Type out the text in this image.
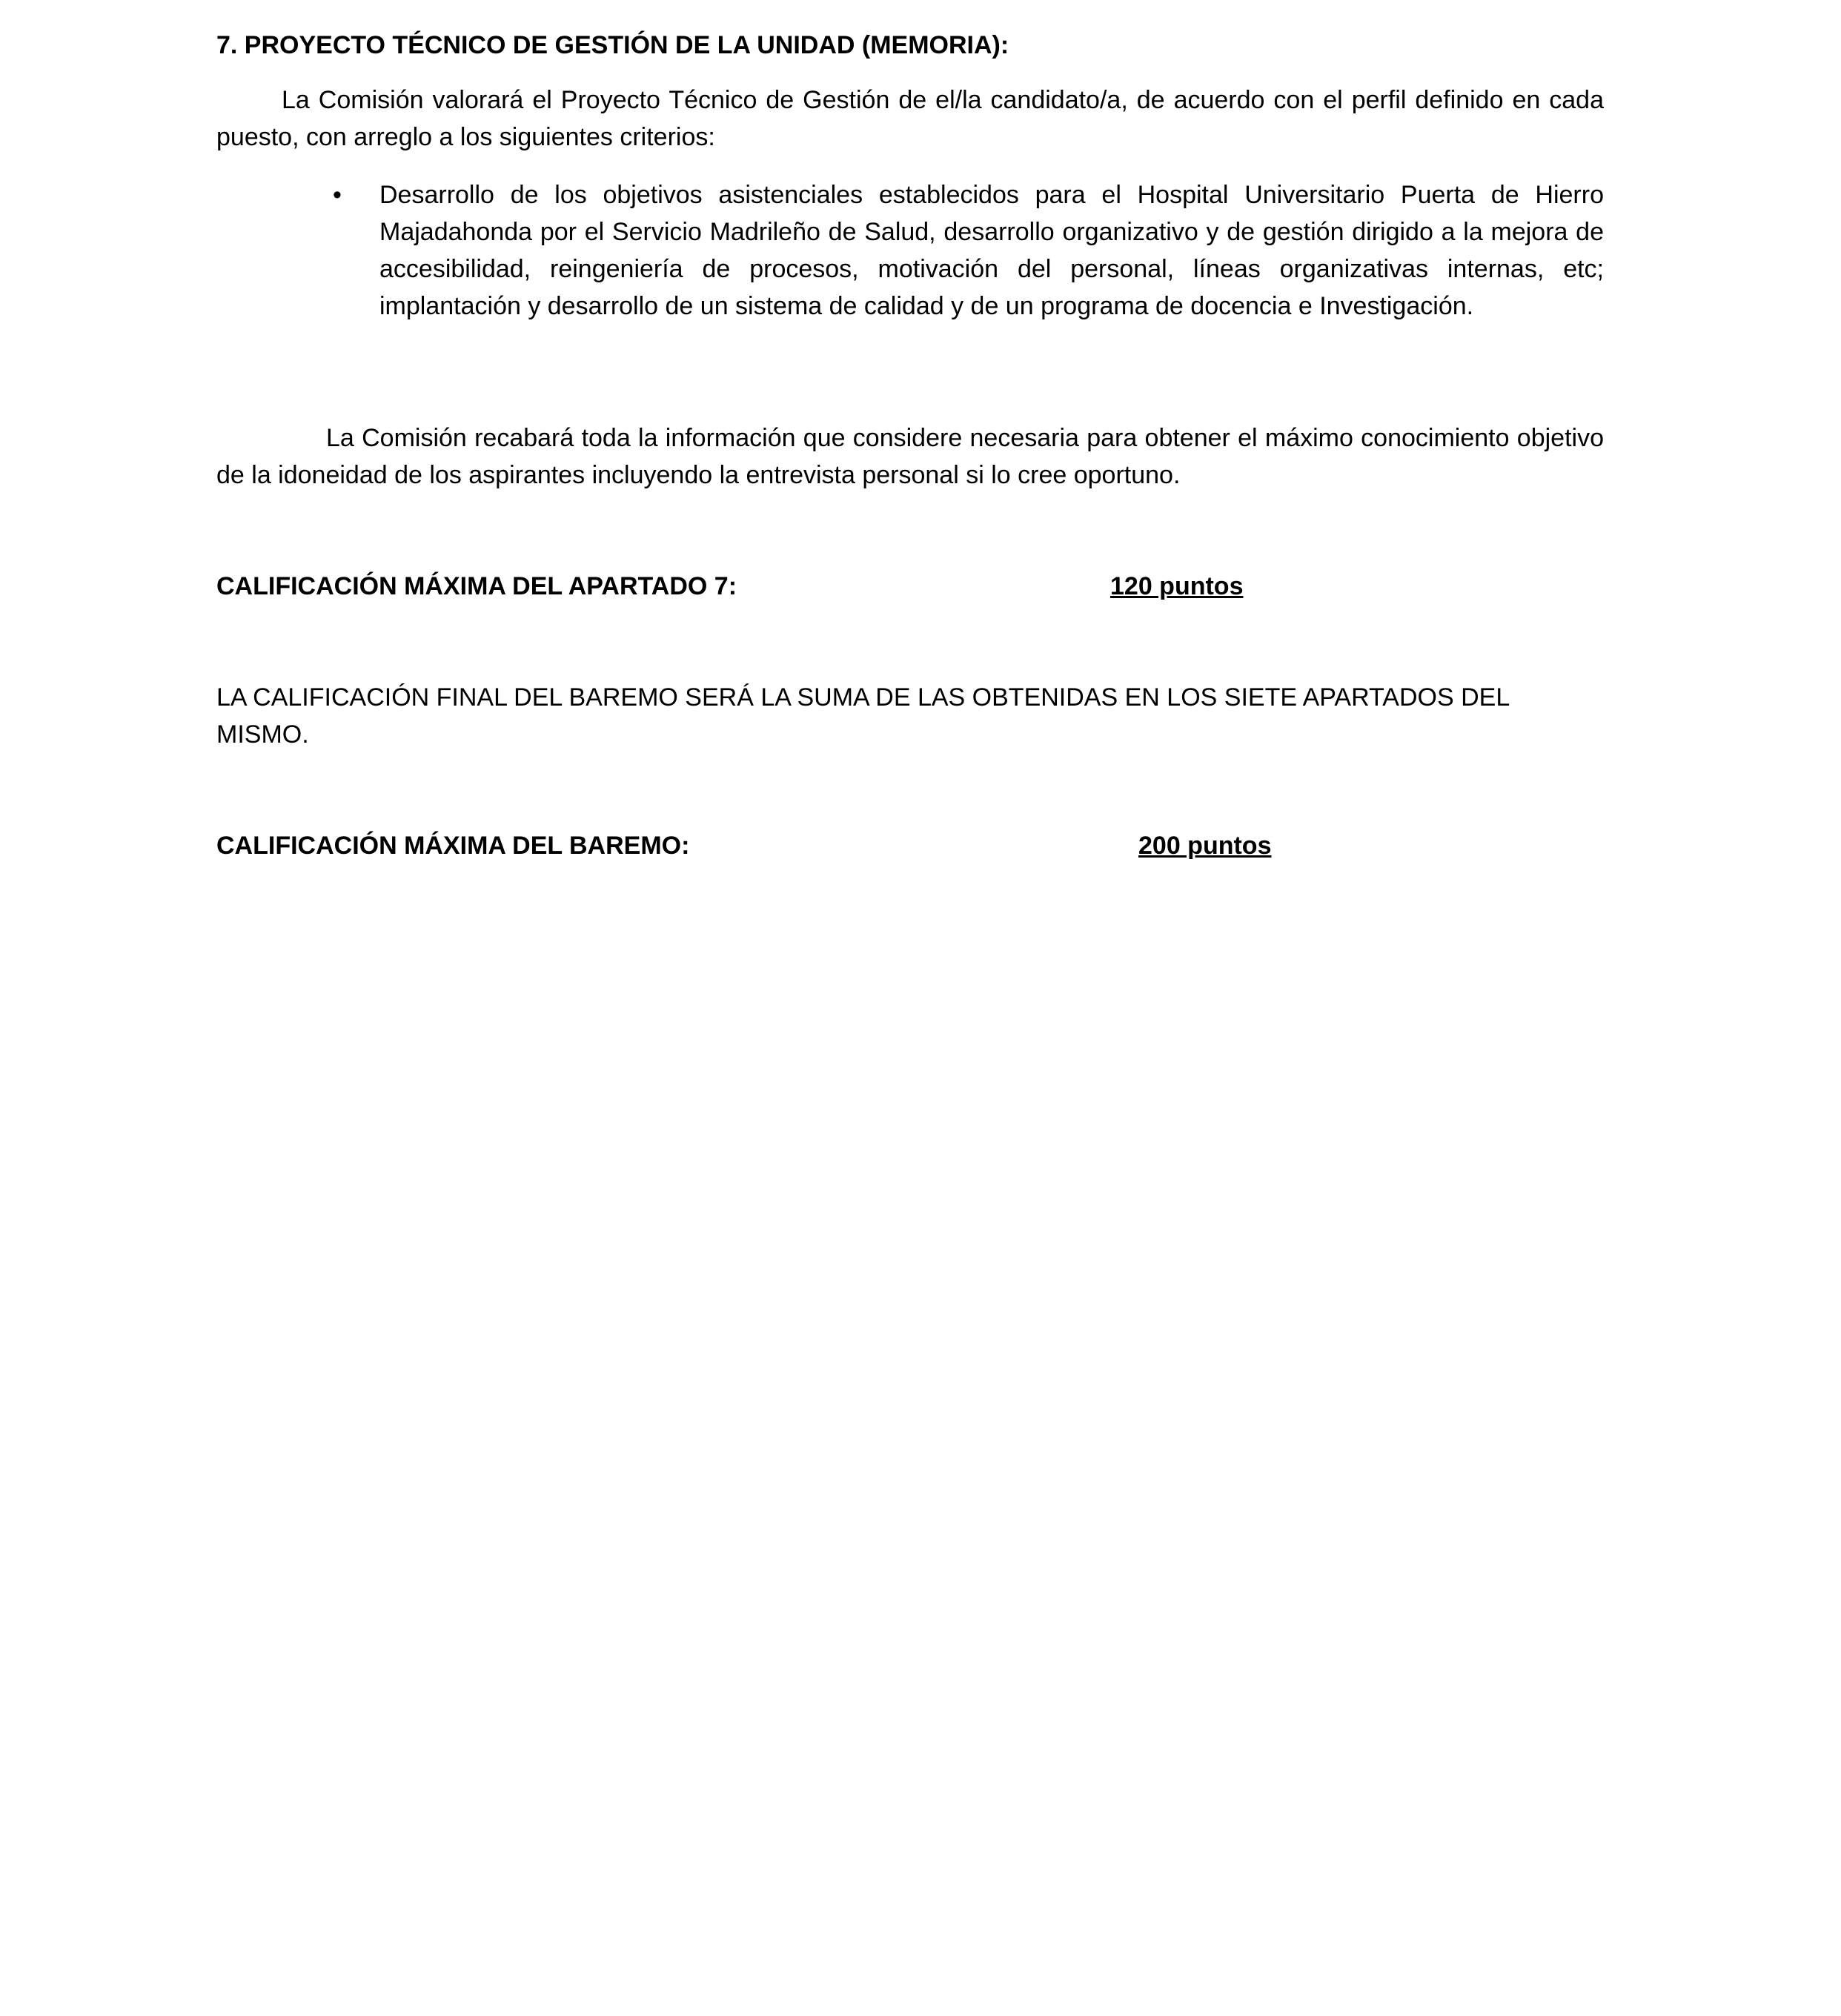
7. PROYECTO TÉCNICO DE GESTIÓN DE LA UNIDAD (MEMORIA):
La Comisión valorará el Proyecto Técnico de Gestión de el/la candidato/a, de acuerdo con el perfil definido en cada puesto, con arreglo a los siguientes criterios:
• Desarrollo de los objetivos asistenciales establecidos para el Hospital Universitario Puerta de Hierro Majadahonda por el Servicio Madrileño de Salud, desarrollo organizativo y de gestión dirigido a la mejora de accesibilidad, reingeniería de procesos, motivación del personal, líneas organizativas internas, etc; implantación y desarrollo de un sistema de calidad y de un programa de docencia e Investigación.
La Comisión recabará toda la información que considere necesaria para obtener el máximo conocimiento objetivo de la idoneidad de los aspirantes incluyendo la entrevista personal si lo cree oportuno.
CALIFICACIÓN MÁXIMA DEL APARTADO 7:	120 puntos
LA CALIFICACIÓN FINAL DEL BAREMO SERÁ LA SUMA DE LAS OBTENIDAS EN LOS SIETE APARTADOS DEL MISMO.
CALIFICACIÓN MÁXIMA DEL BAREMO:	200 puntos
